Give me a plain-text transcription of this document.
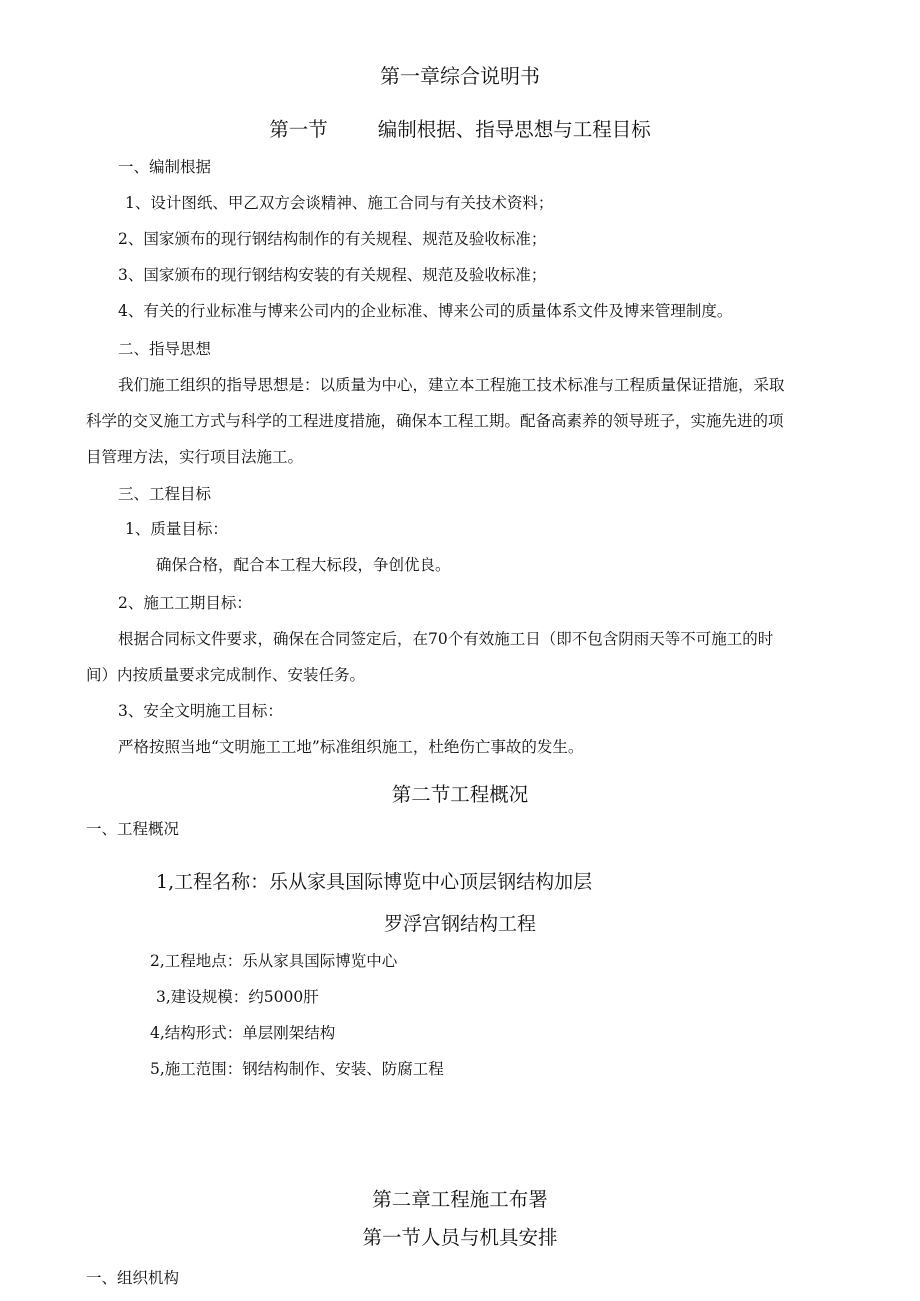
第一章综合说明书
第一节	编制根据、指导思想与工程目标
一、编制根据
1、设计图纸、甲乙双方会谈精神、施工合同与有关技术资料；
2、国家颁布的现行钢结构制作的有关规程、规范及验收标准；
3、国家颁布的现行钢结构安装的有关规程、规范及验收标准；
4、有关的行业标准与博来公司内的企业标准、博来公司的质量体系文件及博来管理制度。
二、指导思想
我们施工组织的指导思想是：以质量为中心，建立本工程施工技术标准与工程质量保证措施，采取
科学的交叉施工方式与科学的工程进度措施，确保本工程工期。配备高素养的领导班子，实施先进的项
目管理方法，实行项目法施工。
三、工程目标
1、质量目标：
确保合格，配合本工程大标段，争创优良。
2、施工工期目标：
根据合同标文件要求，确保在合同签定后，在70个有效施工日（即不包含阴雨天等不可施工的时
间）内按质量要求完成制作、安装任务。
3、安全文明施工目标：
严格按照当地“文明施工工地”标准组织施工，杜绝伤亡事故的发生。
第二节工程概况
一、工程概况
1,工程名称：乐从家具国际博览中心顶层钢结构加层
罗浮宫钢结构工程
2,工程地点：乐从家具国际博览中心
3,建设规模：约5000肝
4,结构形式：单层刚架结构
5,施工范围：钢结构制作、安装、防腐工程
第二章工程施工布署
第一节人员与机具安排
一、组织机构
